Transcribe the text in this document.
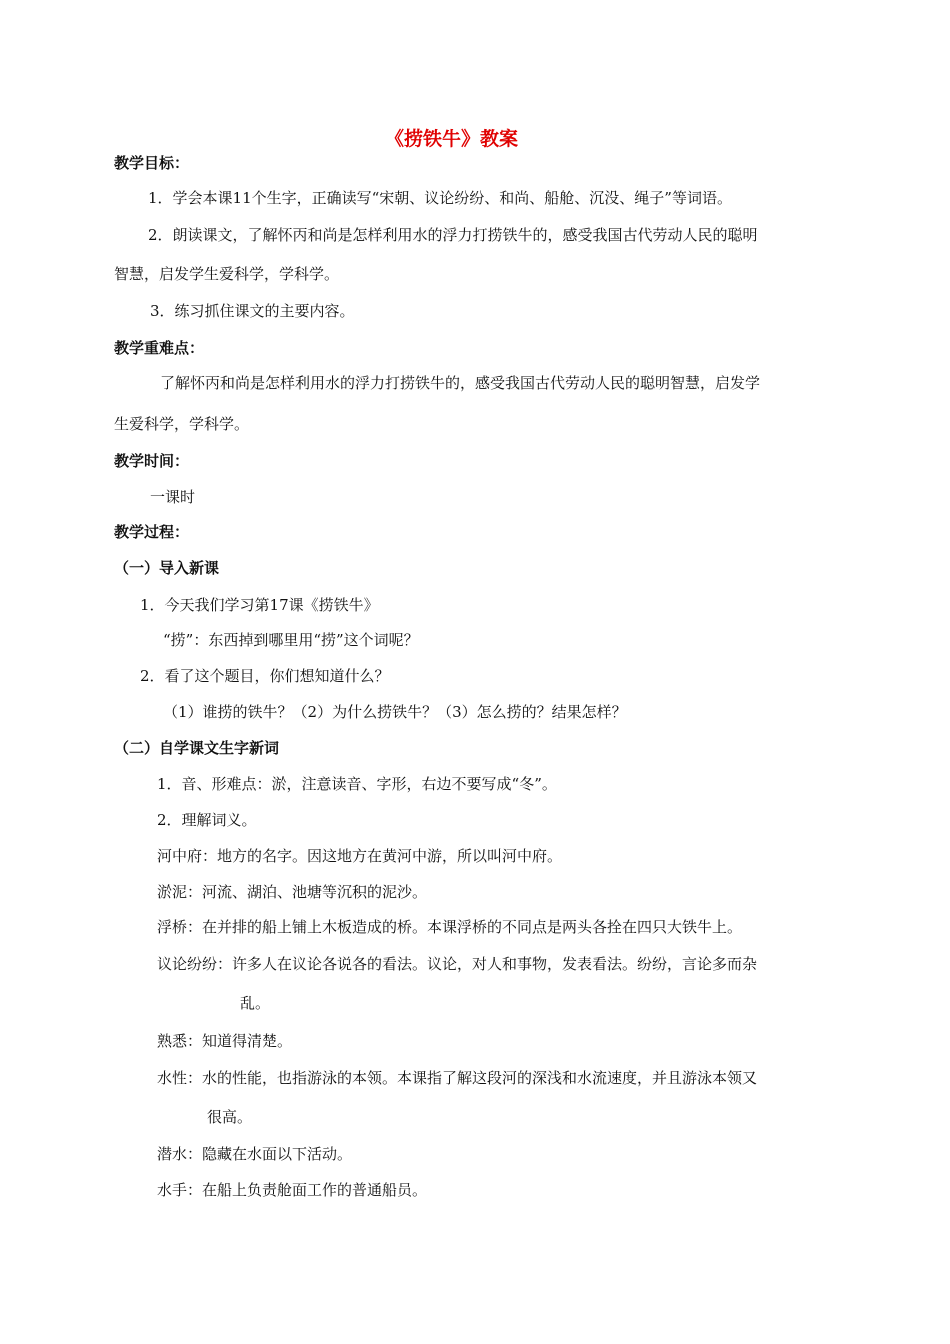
《捞铁牛》教案
教学目标：
1．学会本课11个生字，正确读写“宋朝、议论纷纷、和尚、船舱、沉没、绳子”等词语。
2．朗读课文，了解怀丙和尚是怎样利用水的浮力打捞铁牛的，感受我国古代劳动人民的聪明
智慧，启发学生爱科学，学科学。
3．练习抓住课文的主要内容。
教学重难点：
了解怀丙和尚是怎样利用水的浮力打捞铁牛的，感受我国古代劳动人民的聪明智慧，启发学
生爱科学，学科学。
教学时间：
一课时
教学过程：
（一）导入新课
1．今天我们学习第17课《捞铁牛》
“捞”：东西掉到哪里用“捞”这个词呢？
2．看了这个题目，你们想知道什么？
（1）谁捞的铁牛？（2）为什么捞铁牛？（3）怎么捞的？结果怎样？
（二）自学课文生字新词
1．音、形难点：淤，注意读音、字形，右边不要写成“冬”。
2．理解词义。
河中府：地方的名字。因这地方在黄河中游，所以叫河中府。
淤泥：河流、湖泊、池塘等沉积的泥沙。
浮桥：在并排的船上铺上木板造成的桥。本课浮桥的不同点是两头各拴在四只大铁牛上。
议论纷纷：许多人在议论各说各的看法。议论，对人和事物，发表看法。纷纷，言论多而杂
乱。
熟悉：知道得清楚。
水性：水的性能，也指游泳的本领。本课指了解这段河的深浅和水流速度，并且游泳本领又
很高。
潜水：隐藏在水面以下活动。
水手：在船上负责舱面工作的普通船员。
